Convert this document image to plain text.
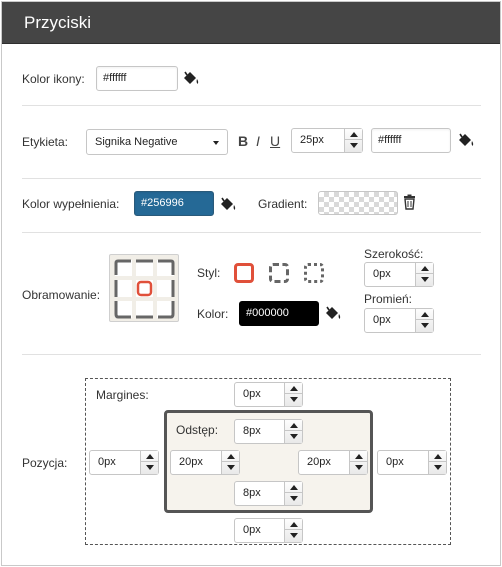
Przyciski
Kolor ikony:	#ffffff
Etykieta:	Signika Negative	B I U	25px	#ffffff
Kolor wypełnienia:	#256996	Gradient:
Obramowanie:
Styl:
Kolor:	#000000
Szerokość:
0px
Promień:
0px
Pozycja:
Margines:	0px
0px	0px
0px
Odstęp:	8px
20px	20px
8px
